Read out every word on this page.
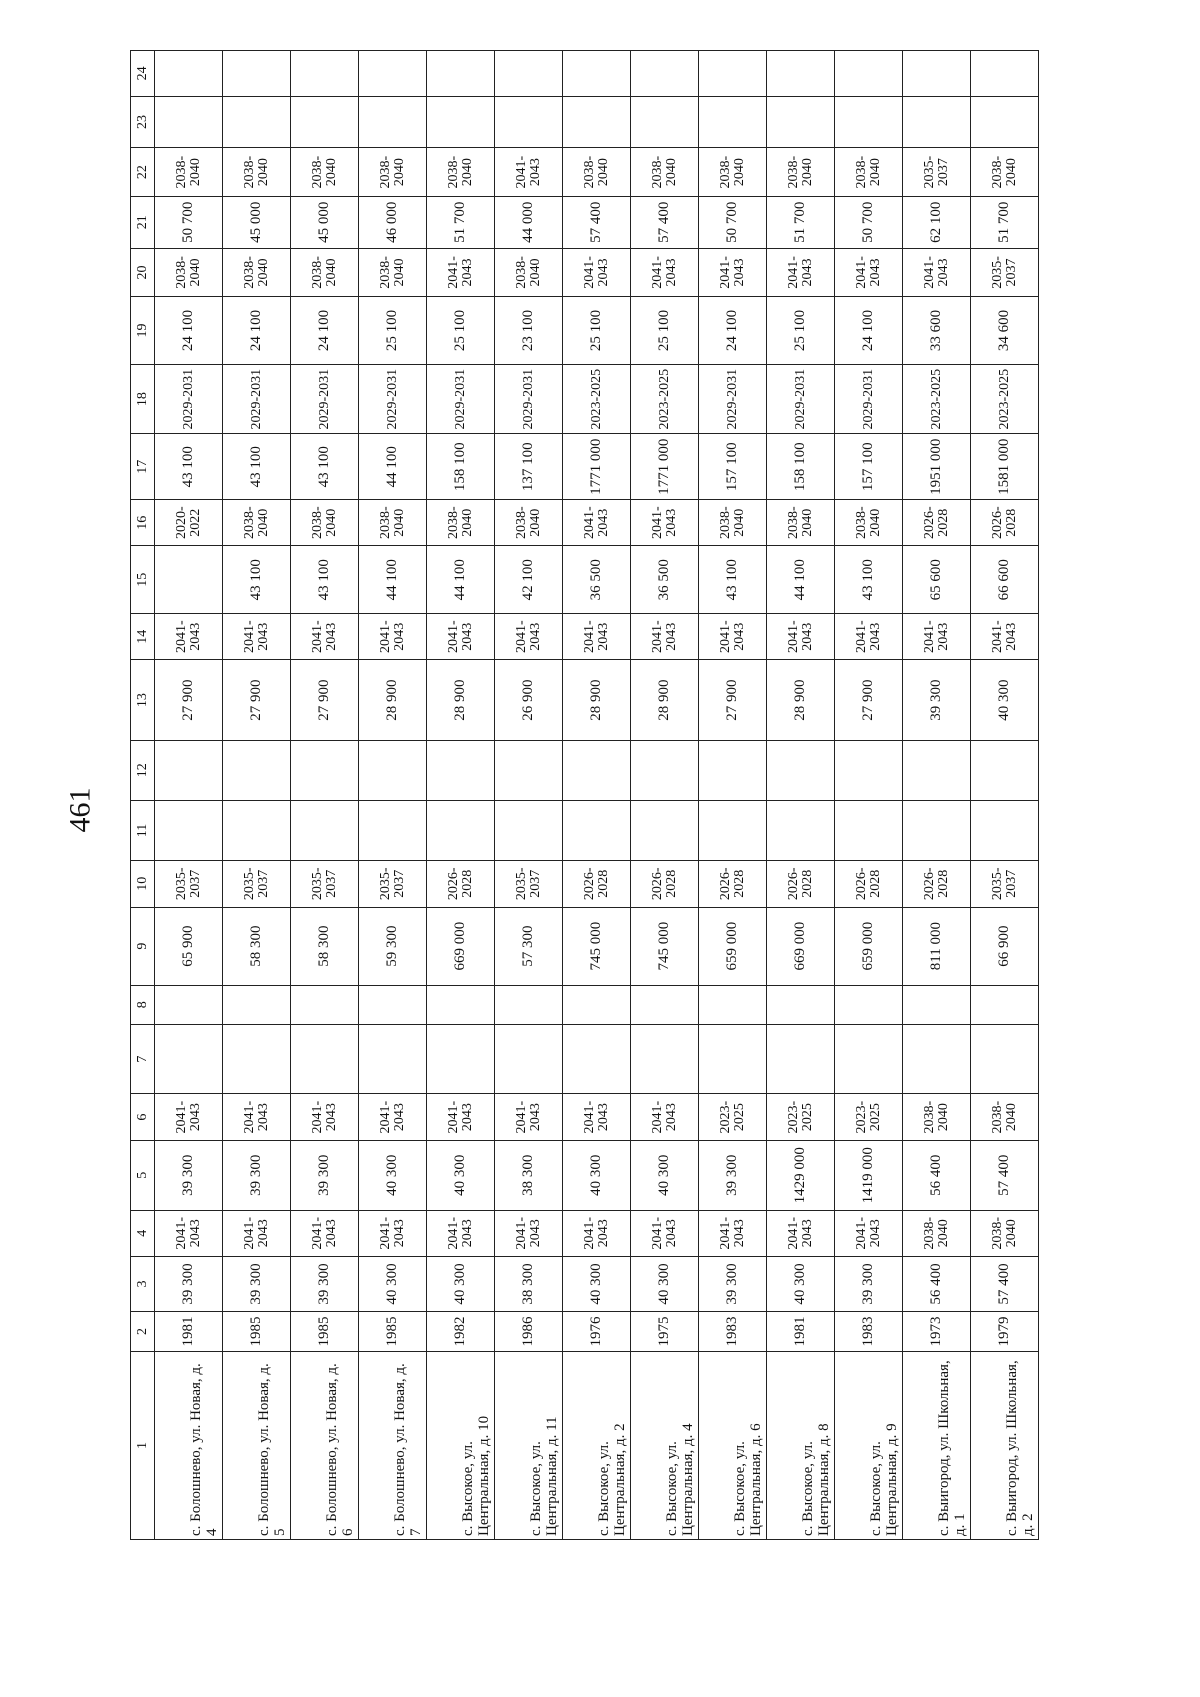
461
1	2	3	4	5	6	7	8	9	10	11	12	13	14	15	16	17	18	19	20	21	22	23	24
с. Болошнево, ул. Новая, д. 4	1981	39 300	2041-2043	39 300	2041-2043			65 900	2035-2037			27 900	2041-2043		2020-2022	43 100	2029-2031	24 100	2038-2040	50 700	2038-2040		
с. Болошнево, ул. Новая, д. 5	1985	39 300	2041-2043	39 300	2041-2043			58 300	2035-2037			27 900	2041-2043	43 100	2038-2040	43 100	2029-2031	24 100	2038-2040	45 000	2038-2040		
с. Болошнево, ул. Новая, д. 6	1985	39 300	2041-2043	39 300	2041-2043			58 300	2035-2037			27 900	2041-2043	43 100	2038-2040	43 100	2029-2031	24 100	2038-2040	45 000	2038-2040		
с. Болошнево, ул. Новая, д. 7	1985	40 300	2041-2043	40 300	2041-2043			59 300	2035-2037			28 900	2041-2043	44 100	2038-2040	44 100	2029-2031	25 100	2038-2040	46 000	2038-2040		
с. Высокое, ул. Центральная, д. 10	1982	40 300	2041-2043	40 300	2041-2043			669 000	2026-2028			28 900	2041-2043	44 100	2038-2040	158 100	2029-2031	25 100	2041-2043	51 700	2038-2040		
с. Высокое, ул. Центральная, д. 11	1986	38 300	2041-2043	38 300	2041-2043			57 300	2035-2037			26 900	2041-2043	42 100	2038-2040	137 100	2029-2031	23 100	2038-2040	44 000	2041-2043		
с. Высокое, ул. Центральная, д. 2	1976	40 300	2041-2043	40 300	2041-2043			745 000	2026-2028			28 900	2041-2043	36 500	2041-2043	1771 000	2023-2025	25 100	2041-2043	57 400	2038-2040		
с. Высокое, ул. Центральная, д. 4	1975	40 300	2041-2043	40 300	2041-2043			745 000	2026-2028			28 900	2041-2043	36 500	2041-2043	1771 000	2023-2025	25 100	2041-2043	57 400	2038-2040		
с. Высокое, ул. Центральная, д. 6	1983	39 300	2041-2043	39 300	2023-2025			659 000	2026-2028			27 900	2041-2043	43 100	2038-2040	157 100	2029-2031	24 100	2041-2043	50 700	2038-2040		
с. Высокое, ул. Центральная, д. 8	1981	40 300	2041-2043	1429 000	2023-2025			669 000	2026-2028			28 900	2041-2043	44 100	2038-2040	158 100	2029-2031	25 100	2041-2043	51 700	2038-2040		
с. Высокое, ул. Центральная, д. 9	1983	39 300	2041-2043	1419 000	2023-2025			659 000	2026-2028			27 900	2041-2043	43 100	2038-2040	157 100	2029-2031	24 100	2041-2043	50 700	2038-2040		
с. Выигород, ул. Школьная, д. 1	1973	56 400	2038-2040	56 400	2038-2040			811 000	2026-2028			39 300	2041-2043	65 600	2026-2028	1951 000	2023-2025	33 600	2041-2043	62 100	2035-2037		
с. Выигород, ул. Школьная, д. 2	1979	57 400	2038-2040	57 400	2038-2040			66 900	2035-2037			40 300	2041-2043	66 600	2026-2028	1581 000	2023-2025	34 600	2035-2037	51 700	2038-2040		
